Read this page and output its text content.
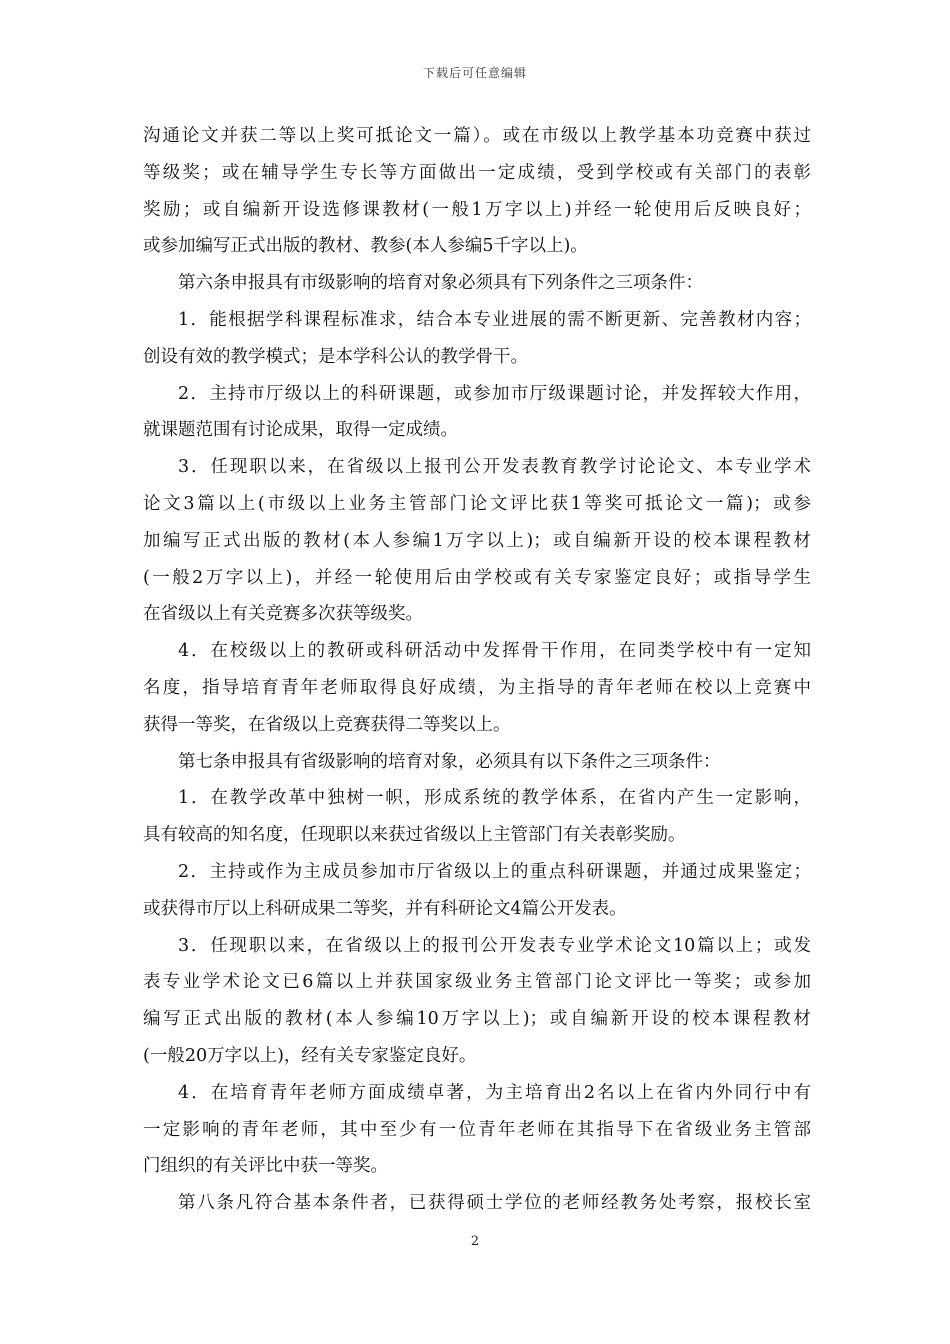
下载后可任意编辑
沟通论文并获二等以上奖可抵论文一篇）。或在市级以上教学基本功竞赛中获过
等级奖；或在辅导学生专长等方面做出一定成绩，受到学校或有关部门的表彰
奖励；或自编新开设选修课教材(一般1万字以上)并经一轮使用后反映良好；
或参加编写正式出版的教材、教参(本人参编5千字以上)。
第六条申报具有市级影响的培育对象必须具有下列条件之三项条件：
1．能根据学科课程标准求，结合本专业进展的需不断更新、完善教材内容；
创设有效的教学模式；是本学科公认的教学骨干。
2．主持市厅级以上的科研课题，或参加市厅级课题讨论，并发挥较大作用，
就课题范围有讨论成果，取得一定成绩。
3．任现职以来，在省级以上报刊公开发表教育教学讨论论文、本专业学术
论文3篇以上(市级以上业务主管部门论文评比获1等奖可抵论文一篇)；或参
加编写正式出版的教材(本人参编1万字以上)；或自编新开设的校本课程教材
(一般2万字以上)，并经一轮使用后由学校或有关专家鉴定良好；或指导学生
在省级以上有关竞赛多次获等级奖。
4．在校级以上的教研或科研活动中发挥骨干作用，在同类学校中有一定知
名度，指导培育青年老师取得良好成绩，为主指导的青年老师在校以上竞赛中
获得一等奖，在省级以上竞赛获得二等奖以上。
第七条申报具有省级影响的培育对象，必须具有以下条件之三项条件：
1．在教学改革中独树一帜，形成系统的教学体系，在省内产生一定影响，
具有较高的知名度，任现职以来获过省级以上主管部门有关表彰奖励。
2．主持或作为主成员参加市厅省级以上的重点科研课题，并通过成果鉴定；
或获得市厅以上科研成果二等奖，并有科研论文4篇公开发表。
3．任现职以来，在省级以上的报刊公开发表专业学术论文10篇以上；或发
表专业学术论文已6篇以上并获国家级业务主管部门论文评比一等奖；或参加
编写正式出版的教材(本人参编10万字以上)；或自编新开设的校本课程教材
(一般20万字以上)，经有关专家鉴定良好。
4．在培育青年老师方面成绩卓著，为主培育出2名以上在省内外同行中有
一定影响的青年老师，其中至少有一位青年老师在其指导下在省级业务主管部
门组织的有关评比中获一等奖。
第八条凡符合基本条件者，已获得硕士学位的老师经教务处考察，报校长室
2
